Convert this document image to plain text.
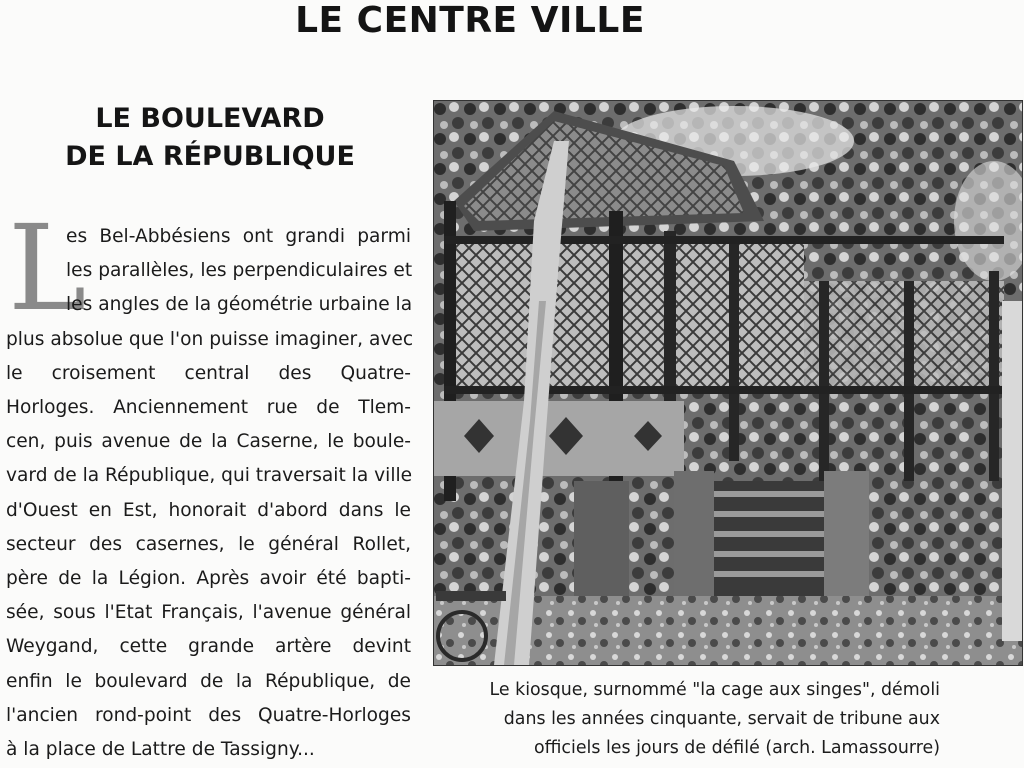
LE CENTRE VILLE
LE BOULEVARD
DE LA RÉPUBLIQUE
L
es Bel-Abbésiens ont grandi parmi
les parallèles, les perpendiculaires et
les angles de la géométrie urbaine la
plus absolue que l'on puisse imaginer, avec
le croisement central des Quatre-
Horloges. Anciennement rue de Tlem-
cen, puis avenue de la Caserne, le boule-
vard de la République, qui traversait la ville
d'Ouest en Est, honorait d'abord dans le
secteur des casernes, le général Rollet,
père de la Légion. Après avoir été bapti-
sée, sous l'Etat Français, l'avenue général
Weygand, cette grande artère devint
enfin le boulevard de la République, de
l'ancien rond-point des Quatre-Horloges
à la place de Lattre de Tassigny...
Le kiosque, surnommé "la cage aux singes", démoli
dans les années cinquante, servait de tribune aux
officiels les jours de défilé (arch. Lamassourre)
